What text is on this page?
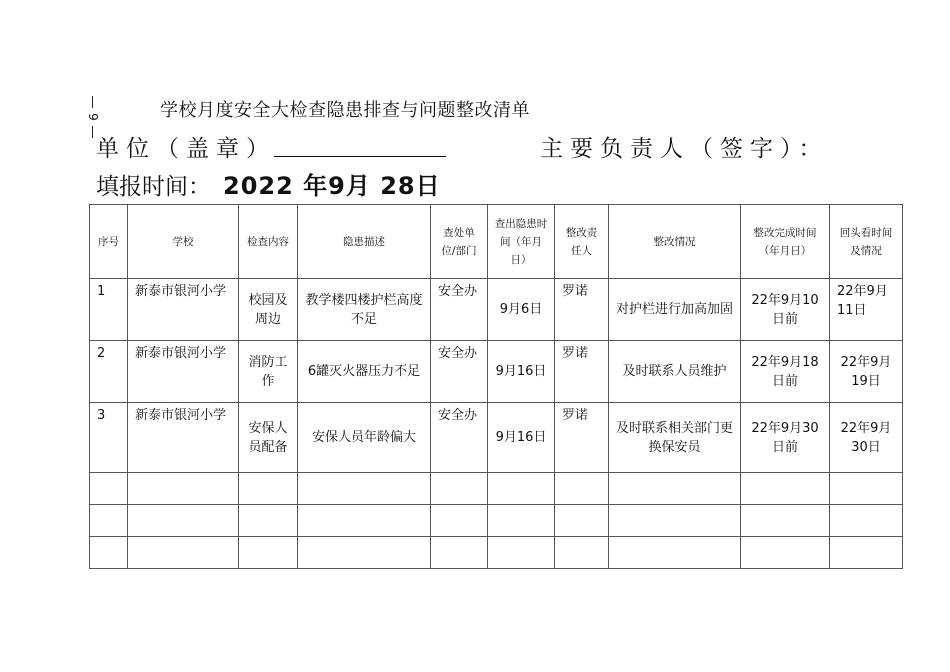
9	学校月度安全大检查隐患排查与问题整改清单
单位（盖章）	主要负责人（签字）：
填报时间： 2022 年9月 28日
序号	学校	检查内容	隐患描述	查处单位/部门	查出隐患时间（年月日）	整改责任人	整改情况	整改完成时间（年月日）	回头看时间及情况
1	新泰市银河小学	校园及周边	教学楼四楼护栏高度不足	安全办	9月6日	罗诺	对护栏进行加高加固	22年9月10日前	22年9月11日
2	新泰市银河小学	消防工作	6罐灭火器压力不足	安全办	9月16日	罗诺	及时联系人员维护	22年9月18日前	22年9月19日
3	新泰市银河小学	安保人员配备	安保人员年龄偏大	安全办	9月16日	罗诺	及时联系相关部门更换保安员	22年9月30日前	22年9月30日
